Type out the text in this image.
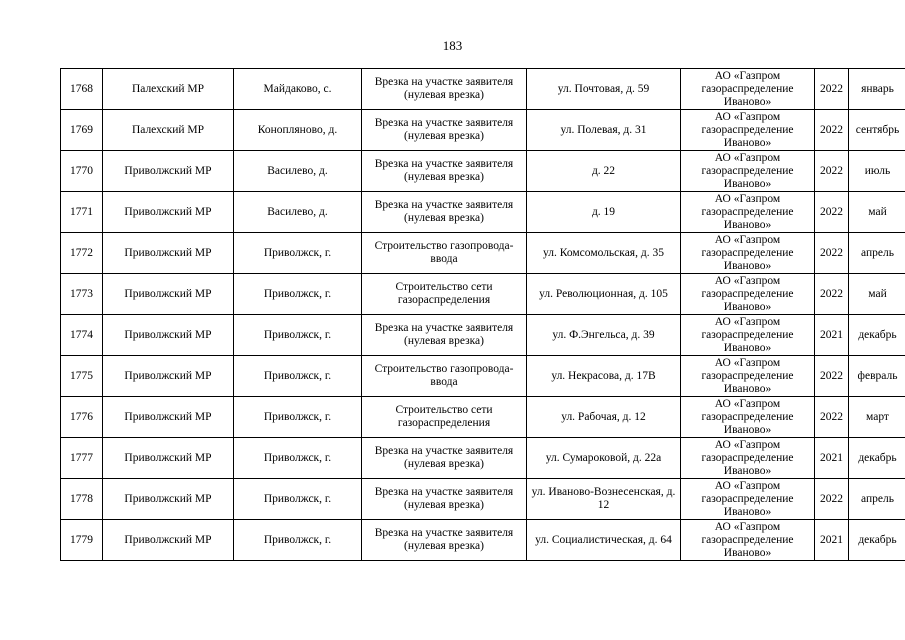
183
1768	Палехский МР	Майдаково, с.	Врезка на участке заявителя (нулевая врезка)	ул. Почтовая, д. 59	АО «Газпром газораспределение Иваново»	2022	январь
1769	Палехский МР	Коноплянoвo, д.	Врезка на участке заявителя (нулевая врезка)	ул. Полевая, д. 31	АО «Газпром газораспределение Иваново»	2022	сентябрь
1770	Приволжский МР	Василево, д.	Врезка на участке заявителя (нулевая врезка)	д. 22	АО «Газпром газораспределение Иваново»	2022	июль
1771	Приволжский МР	Василево, д.	Врезка на участке заявителя (нулевая врезка)	д. 19	АО «Газпром газораспределение Иваново»	2022	май
1772	Приволжский МР	Приволжск, г.	Строительство газопровода-ввода	ул. Комсомольская, д. 35	АО «Газпром газораспределение Иваново»	2022	апрель
1773	Приволжский МР	Приволжск, г.	Строительство сети газораспределения	ул. Революционная, д. 105	АО «Газпром газораспределение Иваново»	2022	май
1774	Приволжский МР	Приволжск, г.	Врезка на участке заявителя (нулевая врезка)	ул. Ф.Энгельса, д. 39	АО «Газпром газораспределение Иваново»	2021	декабрь
1775	Приволжский МР	Приволжск, г.	Строительство газопровода-ввода	ул. Некрасова, д. 17В	АО «Газпром газораспределение Иваново»	2022	февраль
1776	Приволжский МР	Приволжск, г.	Строительство сети газораспределения	ул. Рабочая, д. 12	АО «Газпром газораспределение Иваново»	2022	март
1777	Приволжский МР	Приволжск, г.	Врезка на участке заявителя (нулевая врезка)	ул. Сумароковой, д. 22а	АО «Газпром газораспределение Иваново»	2021	декабрь
1778	Приволжский МР	Приволжск, г.	Врезка на участке заявителя (нулевая врезка)	ул. Иваново-Вознесенская, д. 12	АО «Газпром газораспределение Иваново»	2022	апрель
1779	Приволжский МР	Приволжск, г.	Врезка на участке заявителя (нулевая врезка)	ул. Социалистическая, д. 64	АО «Газпром газораспределение Иваново»	2021	декабрь
